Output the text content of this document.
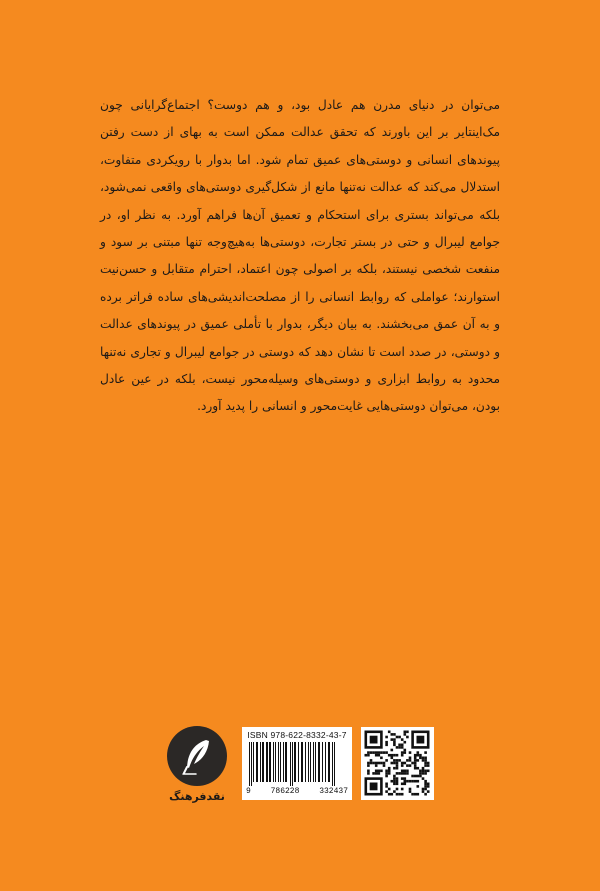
می‌توان در دنیای مدرن هم عادل بود، و هم دوست؟ اجتماع‌گرایانی چون مک‌اینتایر بر این باورند که تحقق عدالت ممکن است به بهای از دست رفتن پیوندهای انسانی و دوستی‌های عمیق تمام شود. اما بدوار با رویکردی متفاوت، استدلال می‌کند که عدالت نه‌تنها مانع از شکل‌گیری دوستی‌های واقعی نمی‌شود، بلکه می‌تواند بستری برای استحکام و تعمیق آن‌ها فراهم آورد. به نظر او، در جوامع لیبرال و حتی در بستر تجارت، دوستی‌ها به‌هیچ‌وجه تنها مبتنی بر سود و منفعت شخصی نیستند، بلکه بر اصولی چون اعتماد، احترام متقابل و حسن‌نیت استوارند؛ عواملی که روابط انسانی را از مصلحت‌اندیشی‌های ساده فراتر برده و به آن عمق می‌بخشند. به بیان دیگر، بدوار با تأملی عمیق در پیوندهای عدالت و دوستی، در صدد است تا نشان دهد که دوستی در جوامع لیبرال و تجاری نه‌تنها محدود به روابط ابزاری و دوستی‌های وسیله‌محور نیست، بلکه در عین عادل بودن، می‌توان دوستی‌هایی غایت‌محور و انسانی را پدید آورد.

نقدفرهنگ
ISBN 978-622-8332-43-7
9 786228 332437
